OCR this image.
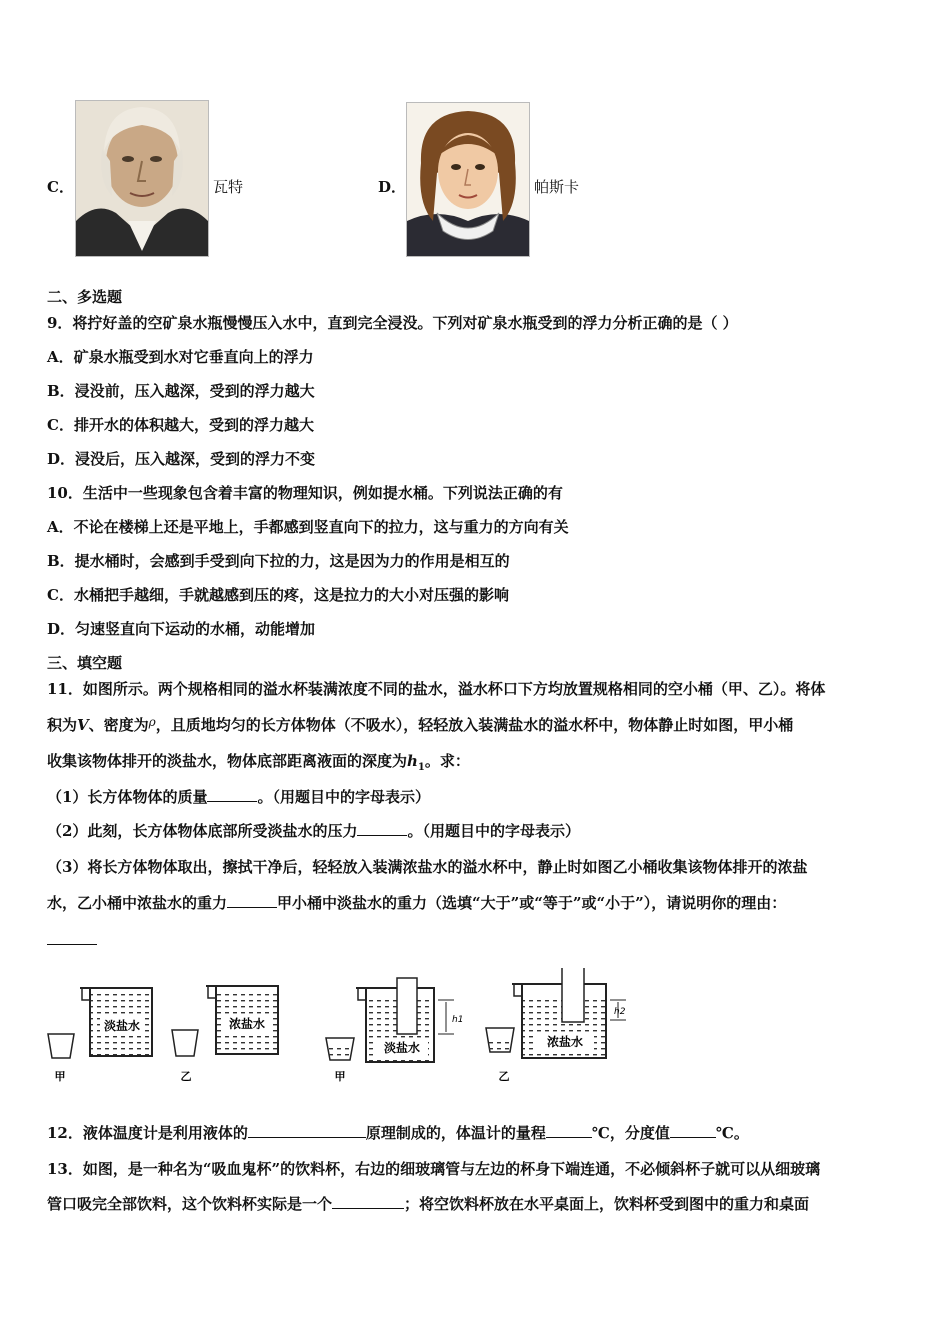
C．	瓦特	D．	帕斯卡
二、多选题
9．将拧好盖的空矿泉水瓶慢慢压入水中，直到完全浸没。下列对矿泉水瓶受到的浮力分析正确的是（ ）
A．矿泉水瓶受到水对它垂直向上的浮力
B．浸没前，压入越深，受到的浮力越大
C．排开水的体积越大，受到的浮力越大
D．浸没后，压入越深，受到的浮力不变
10．生活中一些现象包含着丰富的物理知识，例如提水桶。下列说法正确的有
A．不论在楼梯上还是平地上，手都感到竖直向下的拉力，这与重力的方向有关
B．提水桶时，会感到手受到向下拉的力，这是因为力的作用是相互的
C．水桶把手越细，手就越感到压的疼，这是拉力的大小对压强的影响
D．匀速竖直向下运动的水桶，动能增加
三、填空题
11．如图所示。两个规格相同的溢水杯装满浓度不同的盐水，溢水杯口下方均放置规格相同的空小桶（甲、乙）。将体
积为V、密度为$^\rho$，且质地均匀的长方体物体（不吸水），轻轻放入装满盐水的溢水杯中，物体静止时如图，甲小桶
收集该物体排开的淡盐水，物体底部距离液面的深度为$h_1$。求：
（1）长方体物体的质量	。（用题目中的字母表示）
（2）此刻，长方体物体底部所受淡盐水的压力	。（用题目中的字母表示）
（3）将长方体物体取出，擦拭干净后，轻轻放入装满浓盐水的溢水杯中，静止时如图乙小桶收集该物体排开的浓盐
水，乙小桶中浓盐水的重力	甲小桶中淡盐水的重力（选填“大于”或“等于”或“小于”），请说明你的理由：
淡盐水
甲
浓盐水
乙
淡盐水
h1
甲
浓盐水
h2
乙
12．液体温度计是利用液体的	原理制成的，体温计的量程	℃，分度值	℃。
13．如图，是一种名为“吸血鬼杯”的饮料杯，右边的细玻璃管与左边的杯身下端连通，不必倾斜杯子就可以从细玻璃
管口吸完全部饮料，这个饮料杯实际是一个	；将空饮料杯放在水平桌面上，饮料杯受到图中的重力和桌面
